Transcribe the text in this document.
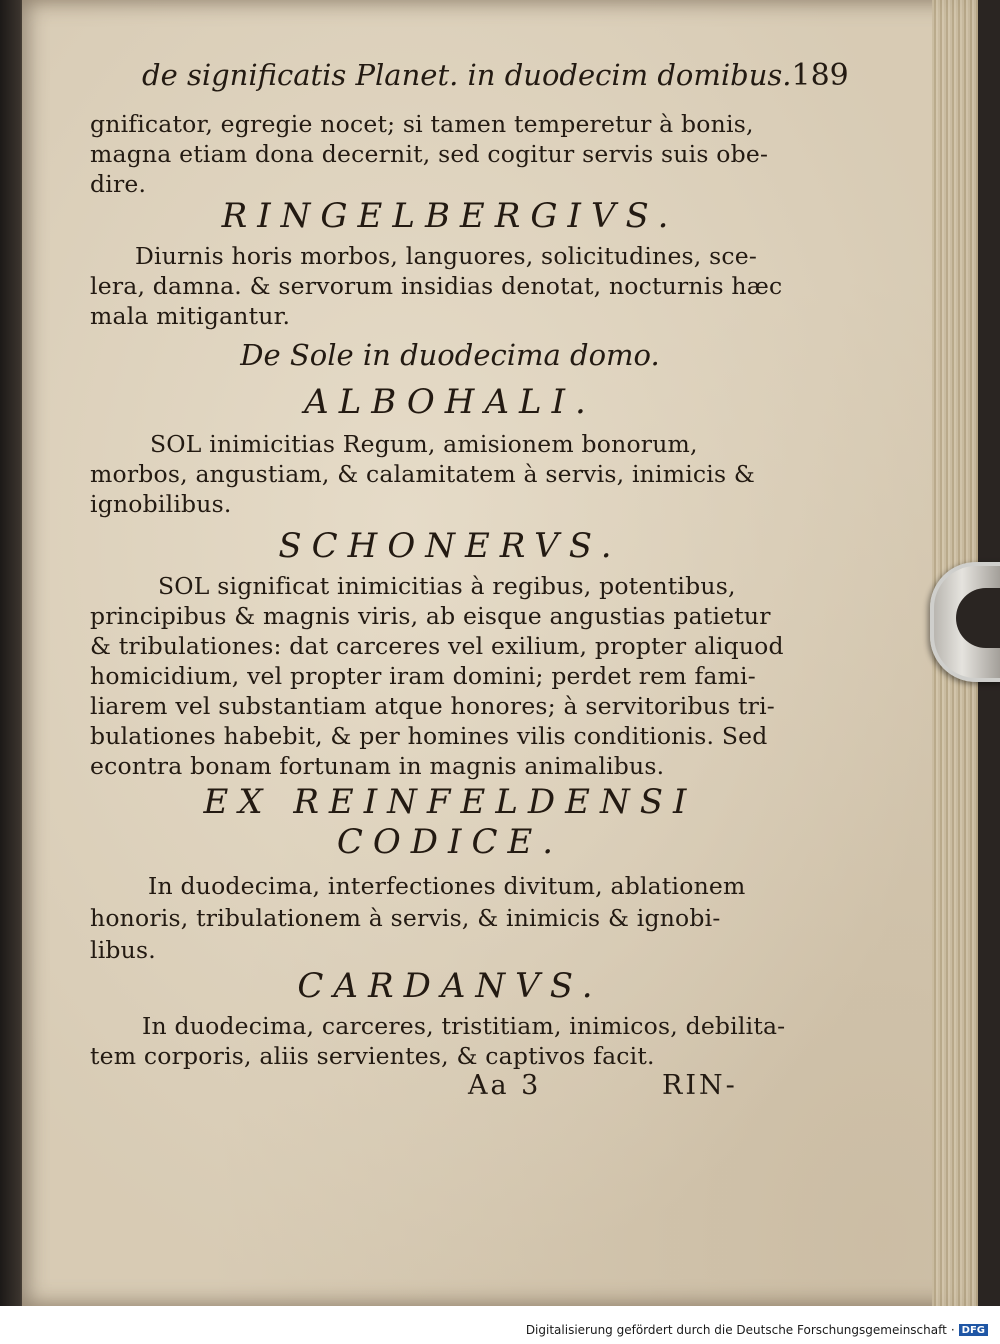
de significatis Planet. in duodecim domibus. 189
gnificator, egregie nocet; si tamen temperetur à bonis,
magna etiam dona decernit, sed cogitur servis suis obe-
dire.
RINGELBERGIVS.
Diurnis horis morbos, languores, solicitudines, sce-
lera, damna. & servorum insidias denotat, nocturnis hæc
mala mitigantur.
De Sole in duodecima domo.
ALBOHALI.
SOL inimicitias Regum, amisionem bonorum,
morbos, angustiam, & calamitatem à servis, inimicis &
ignobilibus.
SCHONERVS.
SOL significat inimicitias à regibus, potentibus,
principibus & magnis viris, ab eisque angustias patietur
& tribulationes: dat carceres vel exilium, propter aliquod
homicidium, vel propter iram domini; perdet rem fami-
liarem vel substantiam atque honores; à servitoribus tri-
bulationes habebit, & per homines vilis conditionis. Sed
econtra bonam fortunam in magnis animalibus.
EX REINFELDENSI
CODICE.
In duodecima, interfectiones divitum, ablationem
honoris, tribulationem à servis, & inimicis & ignobi-
libus.
CARDANVS.
In duodecima, carceres, tristitiam, inimicos, debilita-
tem corporis, aliis servientes, & captivos facit.
Aa 3	RIN-
Digitalisierung gefördert durch die Deutsche Forschungsgemeinschaft · DFG
